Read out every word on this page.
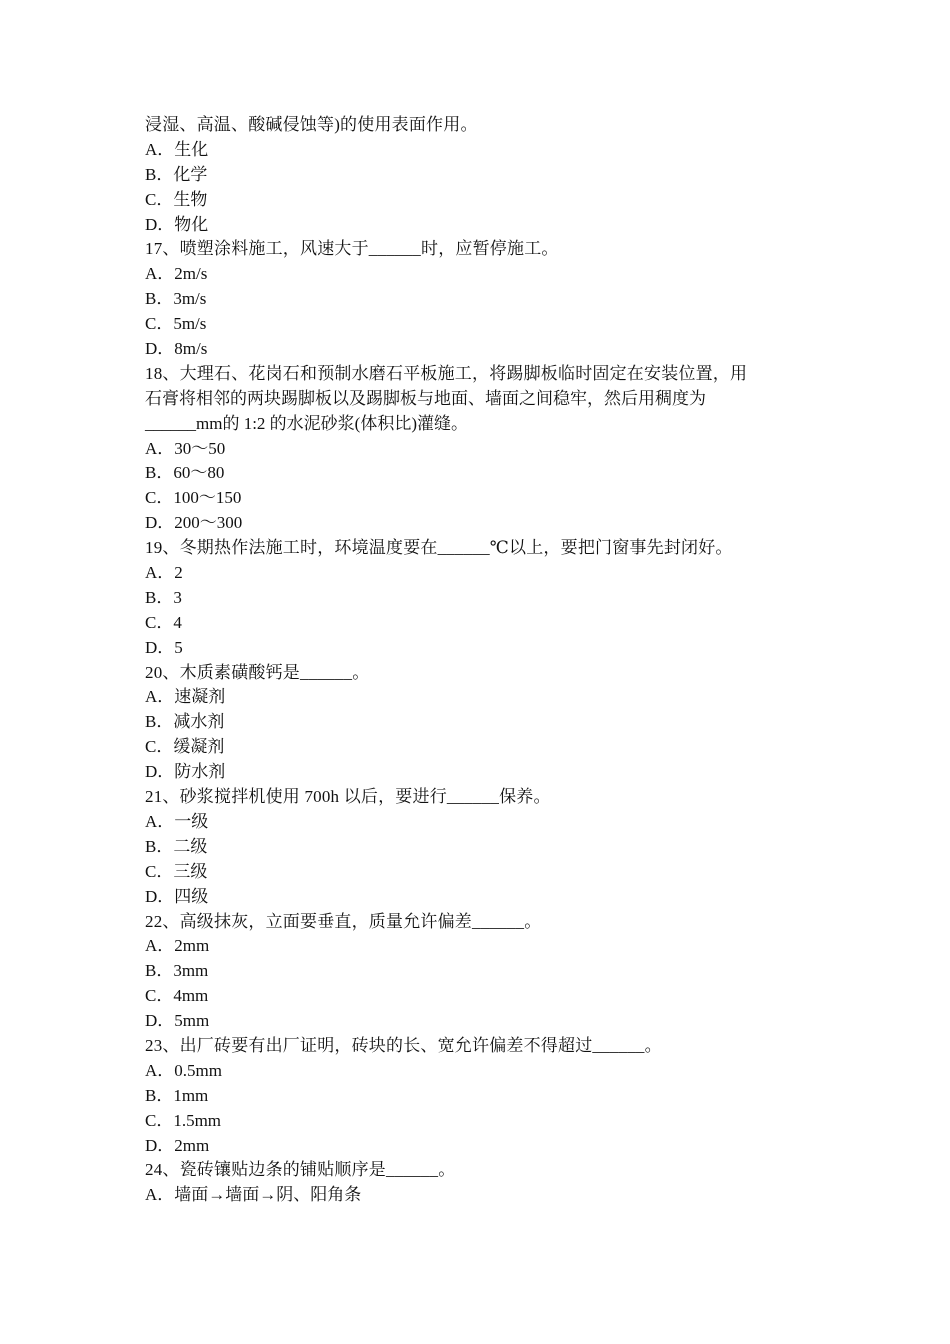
浸湿、高温、酸碱侵蚀等)的使用表面作用。
A．生化
B．化学
C．生物
D．物化
17、喷塑涂料施工，风速大于______时，应暂停施工。
A．2m/s
B．3m/s
C．5m/s
D．8m/s
18、大理石、花岗石和预制水磨石平板施工，将踢脚板临时固定在安装位置，用
石膏将相邻的两块踢脚板以及踢脚板与地面、墙面之间稳牢，然后用稠度为
______mm的 1:2 的水泥砂浆(体积比)灌缝。
A．30～50
B．60～80
C．100～150
D．200～300
19、冬期热作法施工时，环境温度要在______℃以上，要把门窗事先封闭好。
A．2
B．3
C．4
D．5
20、木质素磺酸钙是______。
A．速凝剂
B．减水剂
C．缓凝剂
D．防水剂
21、砂浆搅拌机使用 700h 以后，要进行______保养。
A．一级
B．二级
C．三级
D．四级
22、高级抹灰，立面要垂直，质量允许偏差______。
A．2mm
B．3mm
C．4mm
D．5mm
23、出厂砖要有出厂证明，砖块的长、宽允许偏差不得超过______。
A．0.5mm
B．1mm
C．1.5mm
D．2mm
24、瓷砖镶贴边条的铺贴顺序是______。
A．墙面→墙面→阴、阳角条
